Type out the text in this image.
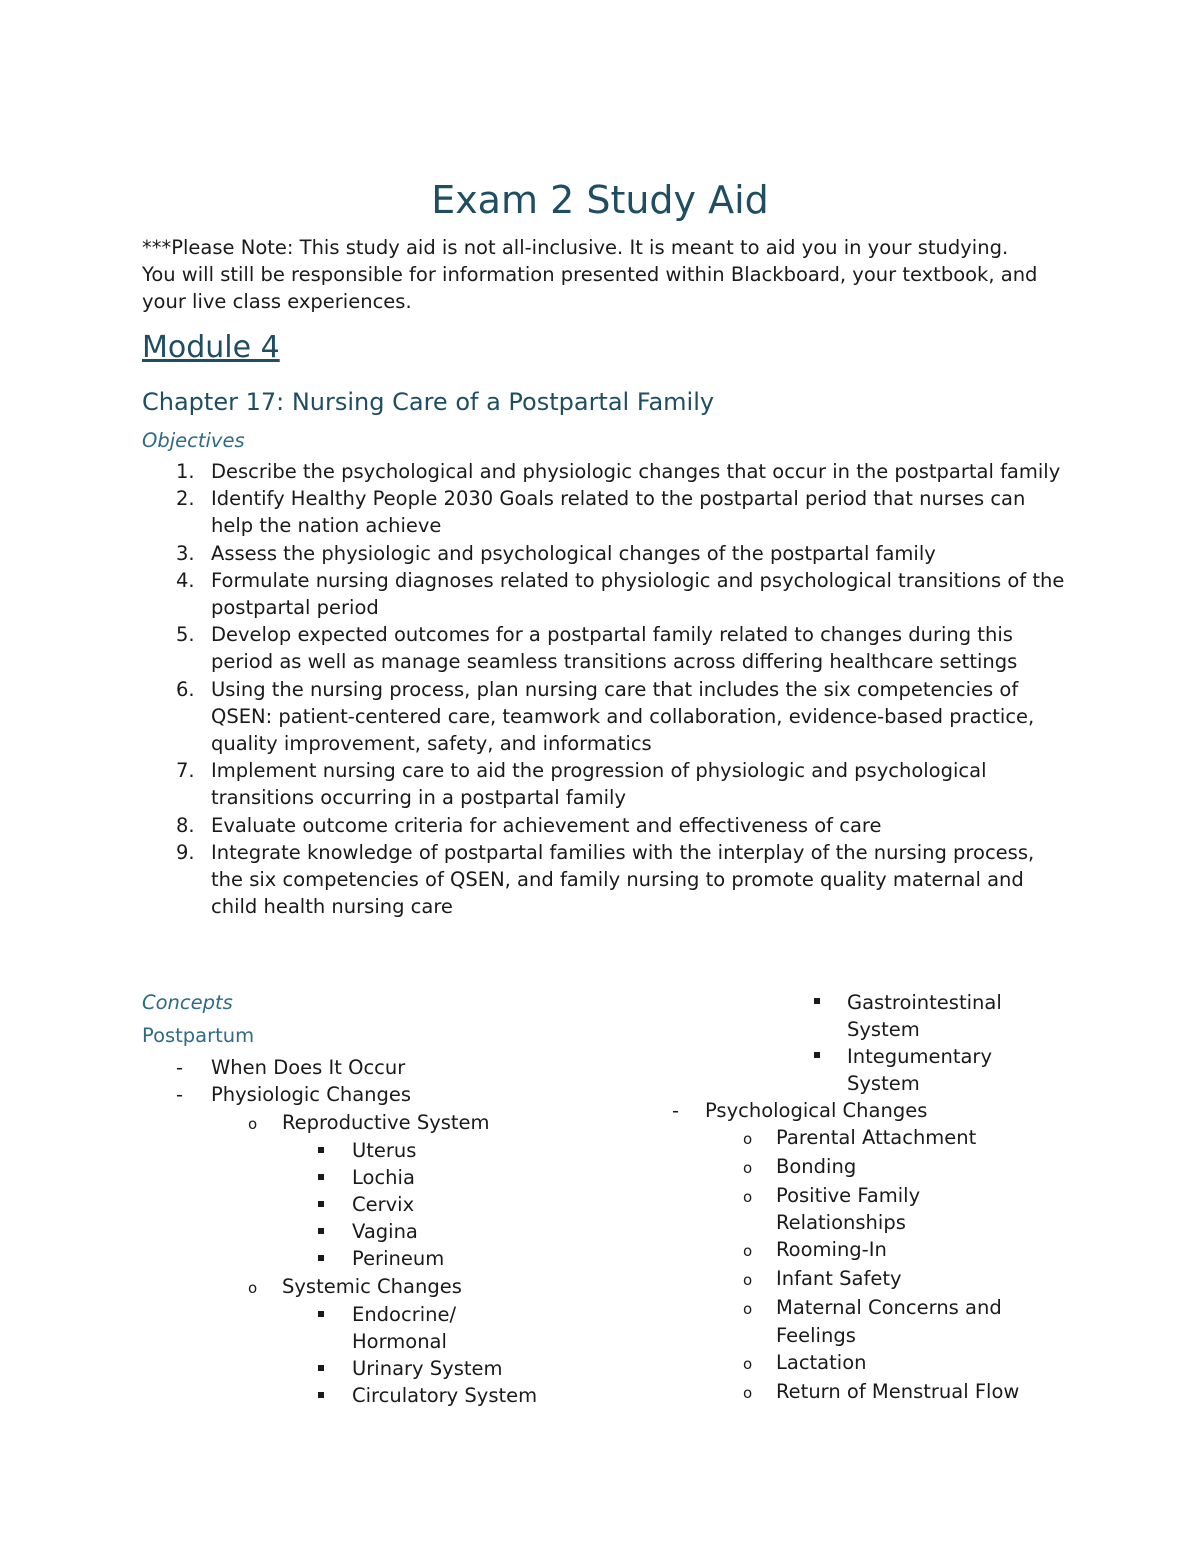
Exam 2 Study Aid
***Please Note: This study aid is not all-inclusive. It is meant to aid you in your studying. You will still be responsible for information presented within Blackboard, your textbook, and your live class experiences.
Module 4
Chapter 17: Nursing Care of a Postpartal Family
Objectives
1. Describe the psychological and physiologic changes that occur in the postpartal family
2. Identify Healthy People 2030 Goals related to the postpartal period that nurses can help the nation achieve
3. Assess the physiologic and psychological changes of the postpartal family
4. Formulate nursing diagnoses related to physiologic and psychological transitions of the postpartal period
5. Develop expected outcomes for a postpartal family related to changes during this period as well as manage seamless transitions across differing healthcare settings
6. Using the nursing process, plan nursing care that includes the six competencies of QSEN: patient-centered care, teamwork and collaboration, evidence-based practice, quality improvement, safety, and informatics
7. Implement nursing care to aid the progression of physiologic and psychological transitions occurring in a postpartal family
8. Evaluate outcome criteria for achievement and effectiveness of care
9. Integrate knowledge of postpartal families with the interplay of the nursing process, the six competencies of QSEN, and family nursing to promote quality maternal and child health nursing care
Concepts
Postpartum
- When Does It Occur
- Physiologic Changes
o Reproductive System
Uterus
Lochia
Cervix
Vagina
Perineum
o Systemic Changes
Endocrine/
Hormonal
Urinary System
Circulatory System
Gastrointestinal
System
Integumentary
System
- Psychological Changes
o Parental Attachment
o Bonding
o Positive Family
Relationships
o Rooming-In
o Infant Safety
o Maternal Concerns and
Feelings
o Lactation
o Return of Menstrual Flow
